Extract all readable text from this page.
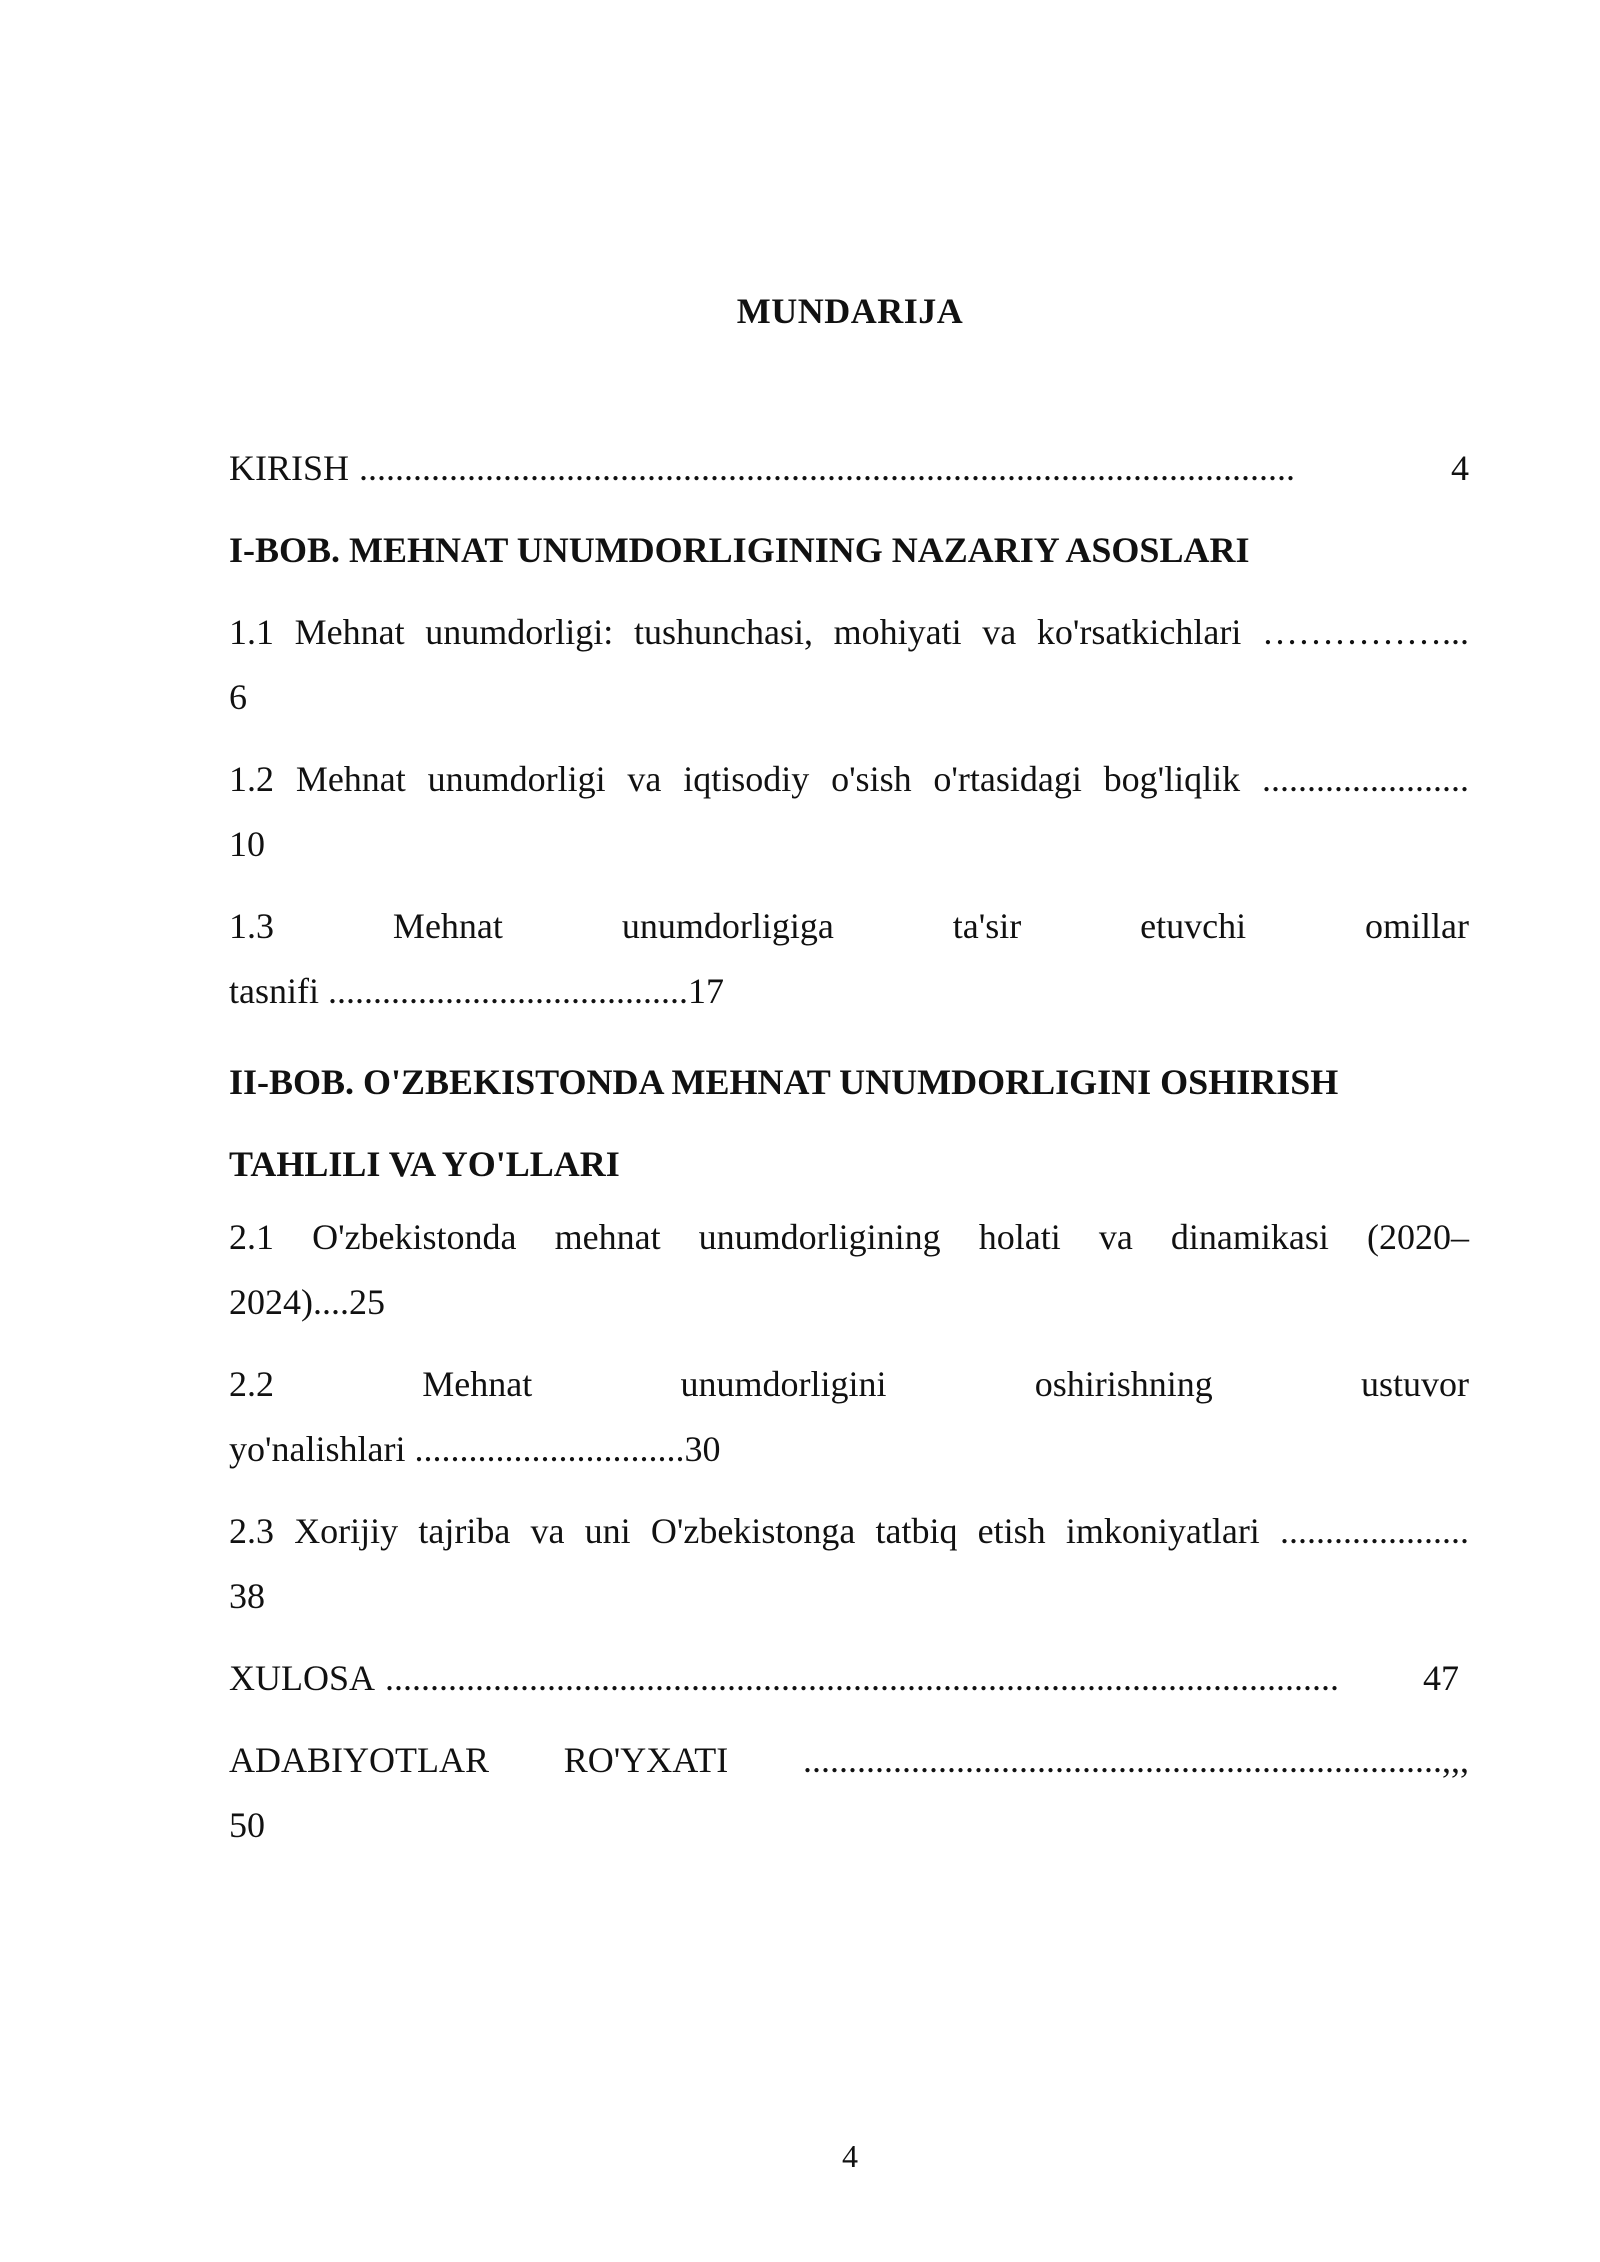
MUNDARIJA
KIRISH ........................................................................................................	4
I-BOB. MEHNAT UNUMDORLIGINING NAZARIY ASOSLARI
1.1 Mehnat unumdorligi: tushunchasi, mohiyati va ko'rsatkichlari ……………...
6
1.2 Mehnat unumdorligi va iqtisodiy o'sish o'rtasidagi bog'liqlik .......................
10
1.3 Mehnat unumdorligiga ta'sir etuvchi omillar
tasnifi ........................................17
II-BOB. O'ZBEKISTONDA MEHNAT UNUMDORLIGINI OSHIRISH
TAHLILI VA YO'LLARI
2.1 O'zbekistonda mehnat unumdorligining holati va dinamikasi (2020–
2024)....25
2.2 Mehnat unumdorligini oshirishning ustuvor
yo'nalishlari ..............................30
2.3 Xorijiy tajriba va uni O'zbekistonga tatbiq etish imkoniyatlari .....................
38
XULOSA ..........................................................................................................	47
ADABIYOTLAR RO'YXATI .......................................................................,,,
50
4
